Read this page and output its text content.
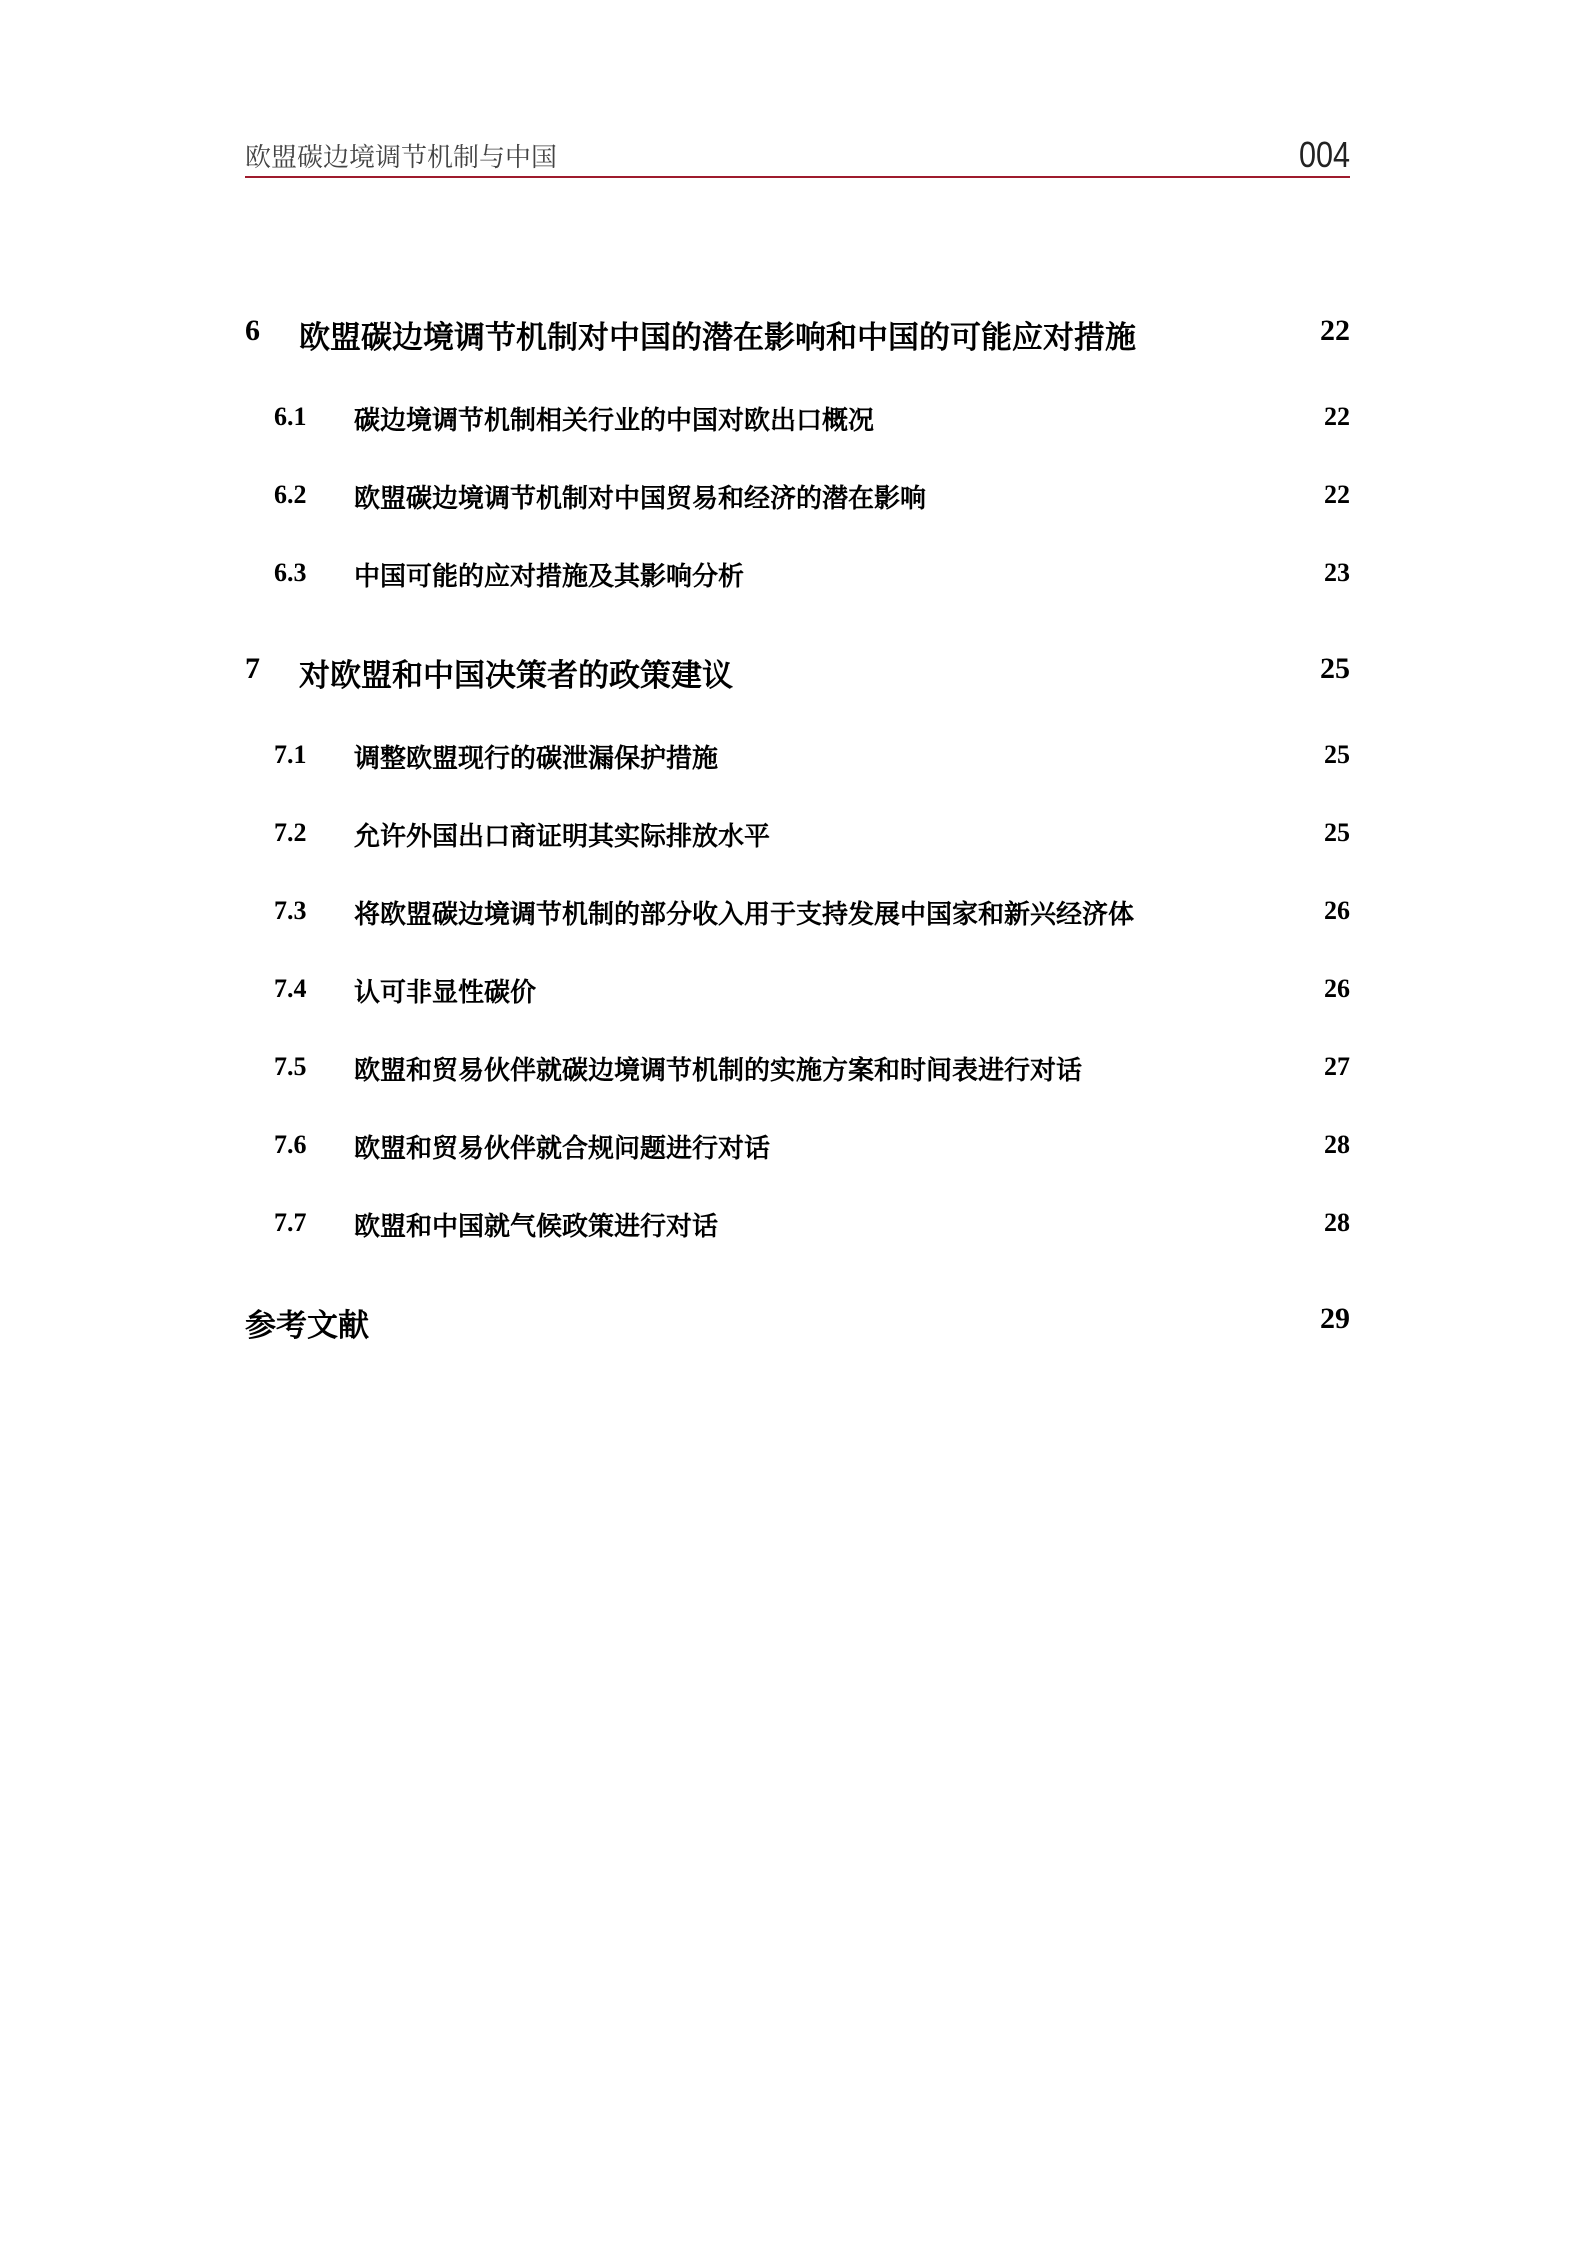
欧盟碳边境调节机制与中国	004
6 欧盟碳边境调节机制对中国的潜在影响和中国的可能应对措施	22
6.1 碳边境调节机制相关行业的中国对欧出口概况	22
6.2 欧盟碳边境调节机制对中国贸易和经济的潜在影响	22
6.3 中国可能的应对措施及其影响分析	23
7 对欧盟和中国决策者的政策建议	25
7.1 调整欧盟现行的碳泄漏保护措施	25
7.2 允许外国出口商证明其实际排放水平	25
7.3 将欧盟碳边境调节机制的部分收入用于支持发展中国家和新兴经济体	26
7.4 认可非显性碳价	26
7.5 欧盟和贸易伙伴就碳边境调节机制的实施方案和时间表进行对话	27
7.6 欧盟和贸易伙伴就合规问题进行对话	28
7.7 欧盟和中国就气候政策进行对话	28
参考文献	29
